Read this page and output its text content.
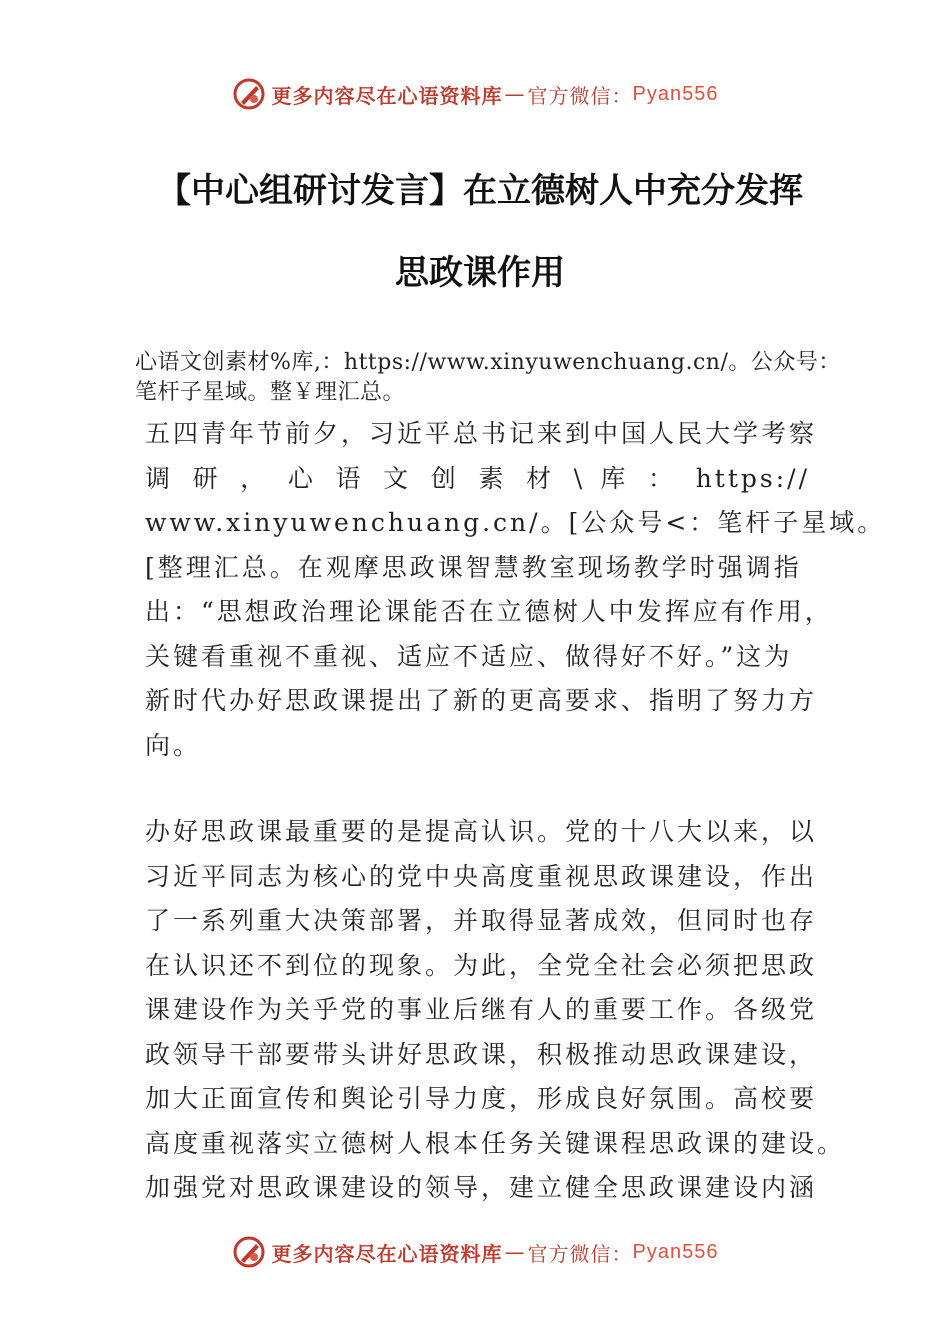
更多内容尽在心语资料库 — 官方微信： Pyan556
【中心组研讨发言】在立德树人中充分发挥
思政课作用
心语文创素材%库,：https://www.xinyuwenchuang.cn/。公众号：笔杆子星域。整￥理汇总。
五四青年节前夕，习近平总书记来到中国人民大学考察
调 研 ， 心 语 文 创 素 材 \ 库 ： https://
www.xinyuwenchuang.cn/。[公众号<：笔杆子星域。
[整理汇总。在观摩思政课智慧教室现场教学时强调指
出：“思想政治理论课能否在立德树人中发挥应有作用，
关键看重视不重视、适应不适应、做得好不好。”这为
新时代办好思政课提出了新的更高要求、指明了努力方
向。
办好思政课最重要的是提高认识。党的十八大以来，以
习近平同志为核心的党中央高度重视思政课建设，作出
了一系列重大决策部署，并取得显著成效，但同时也存
在认识还不到位的现象。为此，全党全社会必须把思政
课建设作为关乎党的事业后继有人的重要工作。各级党
政领导干部要带头讲好思政课，积极推动思政课建设，
加大正面宣传和舆论引导力度，形成良好氛围。高校要
高度重视落实立德树人根本任务关键课程思政课的建设。
加强党对思政课建设的领导，建立健全思政课建设内涵
更多内容尽在心语资料库 — 官方微信： Pyan556
